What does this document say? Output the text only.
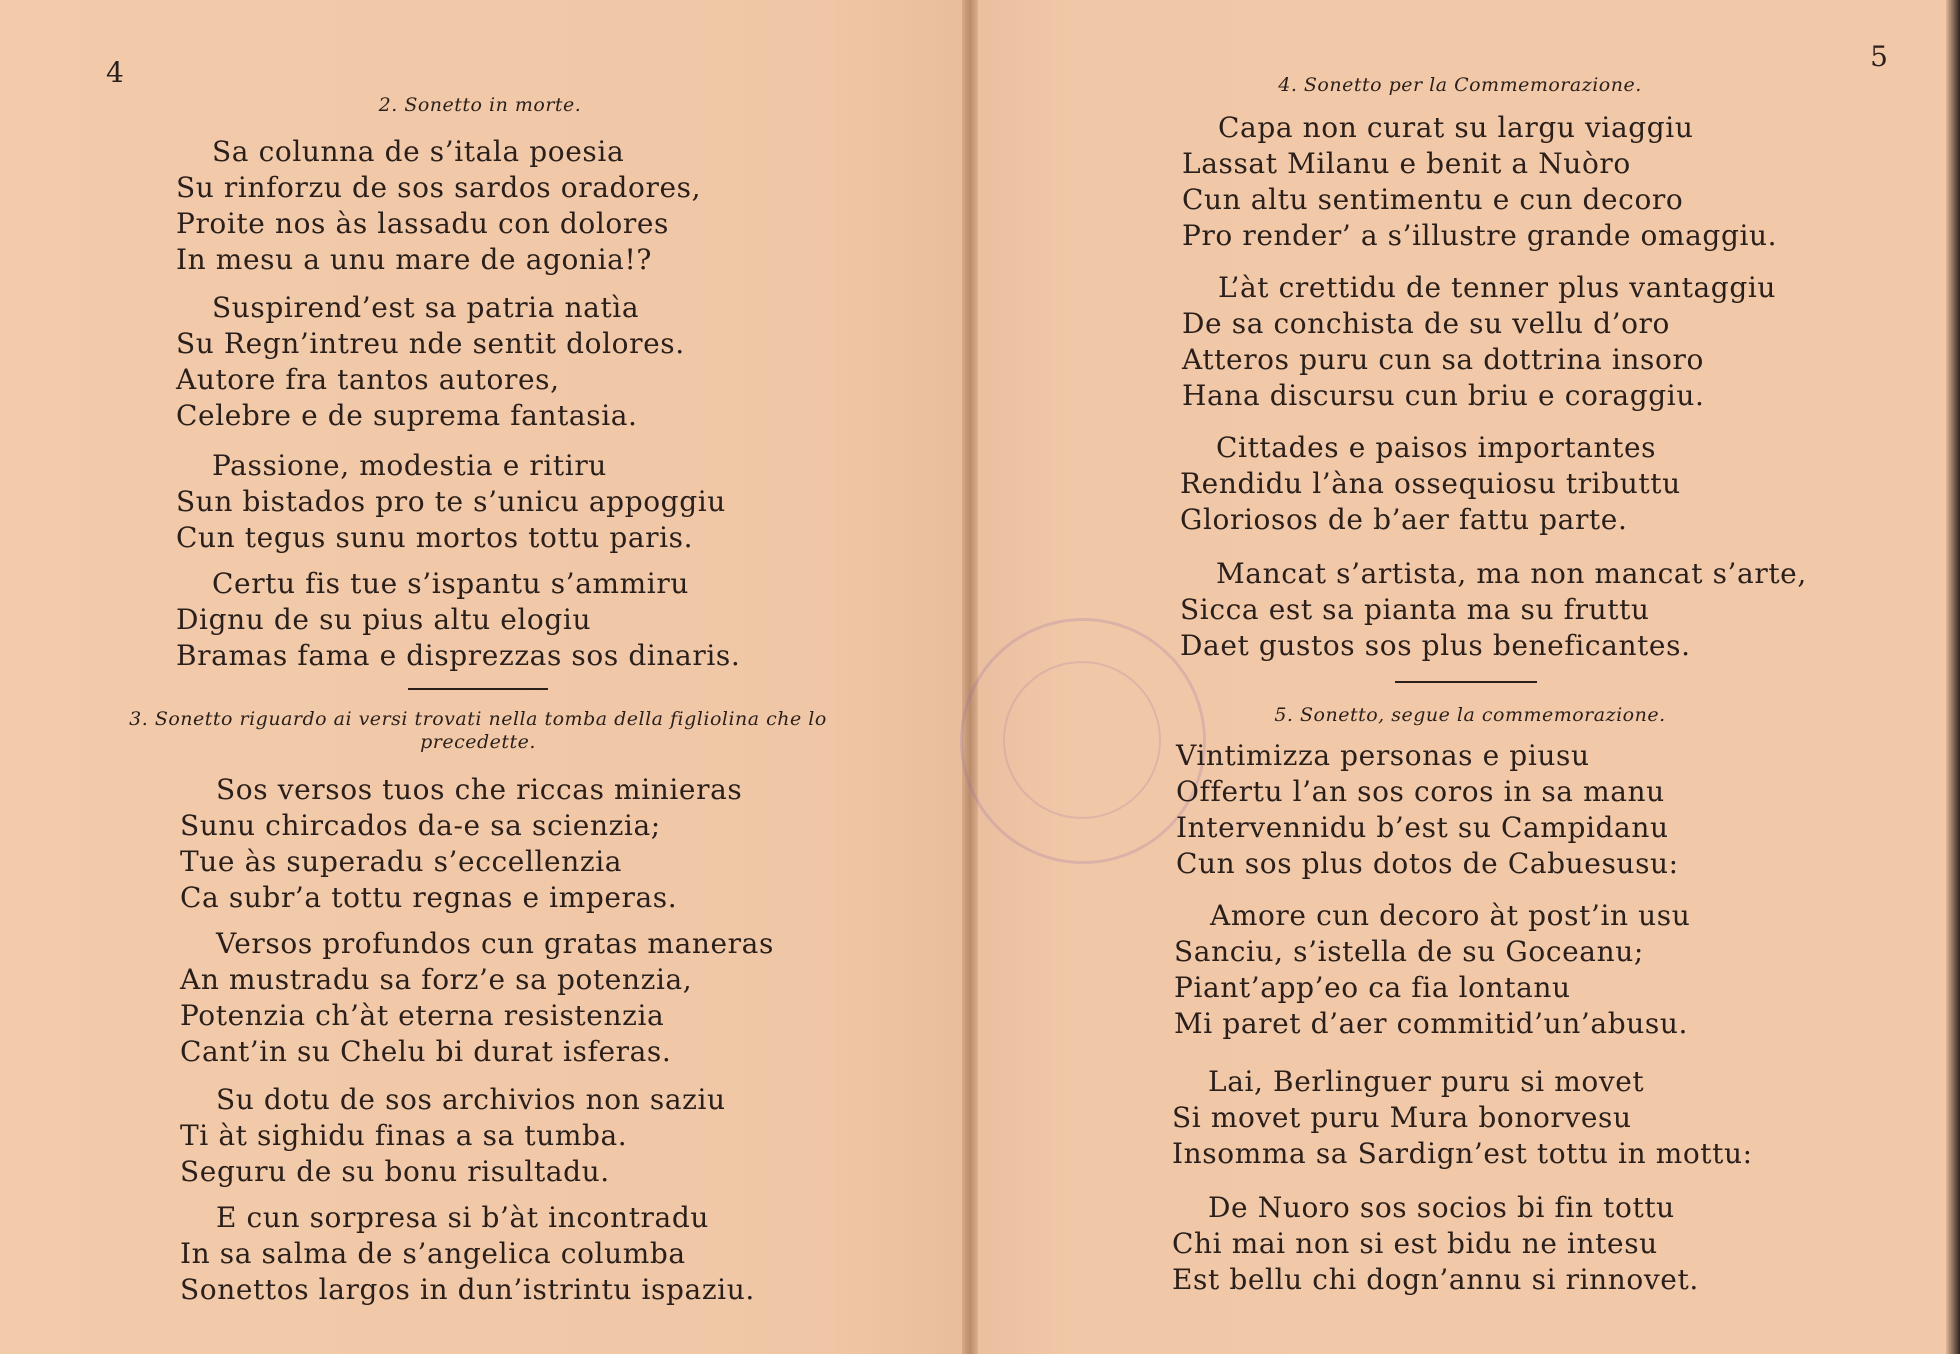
4
2. Sonetto in morte.
Sa colunna de s’itala poesia
Su rinforzu de sos sardos oradores,
Proite nos às lassadu con dolores
In mesu a unu mare de agonia!?
Suspirend’est sa patria natìa
Su Regn’intreu nde sentit dolores.
Autore fra tantos autores,
Celebre e de suprema fantasia.
Passione, modestia e ritiru
Sun bistados pro te s’unicu appoggiu
Cun tegus sunu mortos tottu paris.
Certu fis tue s’ispantu s’ammiru
Dignu de su pius altu elogiu
Bramas fama e disprezzas sos dinaris.
3. Sonetto riguardo ai versi trovati nella tomba della figliolina che lo precedette.
Sos versos tuos che riccas minieras
Sunu chircados da-e sa scienzia;
Tue às superadu s’eccellenzia
Ca subr’a tottu regnas e imperas.
Versos profundos cun gratas maneras
An mustradu sa forz’e sa potenzia,
Potenzia ch’àt eterna resistenzia
Cant’in su Chelu bi durat isferas.
Su dotu de sos archivios non saziu
Ti àt sighidu finas a sa tumba.
Seguru de su bonu risultadu.
E cun sorpresa si b’àt incontradu
In sa salma de s’angelica columba
Sonettos largos in dun’istrintu ispaziu.
5
4. Sonetto per la Commemorazione.
Capa non curat su largu viaggiu
Lassat Milanu e benit a Nuòro
Cun altu sentimentu e cun decoro
Pro render’ a s’illustre grande omaggiu.
L’àt crettidu de tenner plus vantaggiu
De sa conchista de su vellu d’oro
Atteros puru cun sa dottrina insoro
Hana discursu cun briu e coraggiu.
Cittades e paisos importantes
Rendidu l’àna ossequiosu tributtu
Gloriosos de b’aer fattu parte.
Mancat s’artista, ma non mancat s’arte,
Sicca est sa pianta ma su fruttu
Daet gustos sos plus beneficantes.
5. Sonetto, segue la commemorazione.
Vintimizza personas e piusu
Offertu l’an sos coros in sa manu
Intervennidu b’est su Campidanu
Cun sos plus dotos de Cabuesusu:
Amore cun decoro àt post’in usu
Sanciu, s’istella de su Goceanu;
Piant’app’eo ca fia lontanu
Mi paret d’aer commitid’un’abusu.
Lai, Berlinguer puru si movet
Si movet puru Mura bonorvesu
Insomma sa Sardign’est tottu in mottu:
De Nuoro sos socios bi fin tottu
Chi mai non si est bidu ne intesu
Est bellu chi dogn’annu si rinnovet.
